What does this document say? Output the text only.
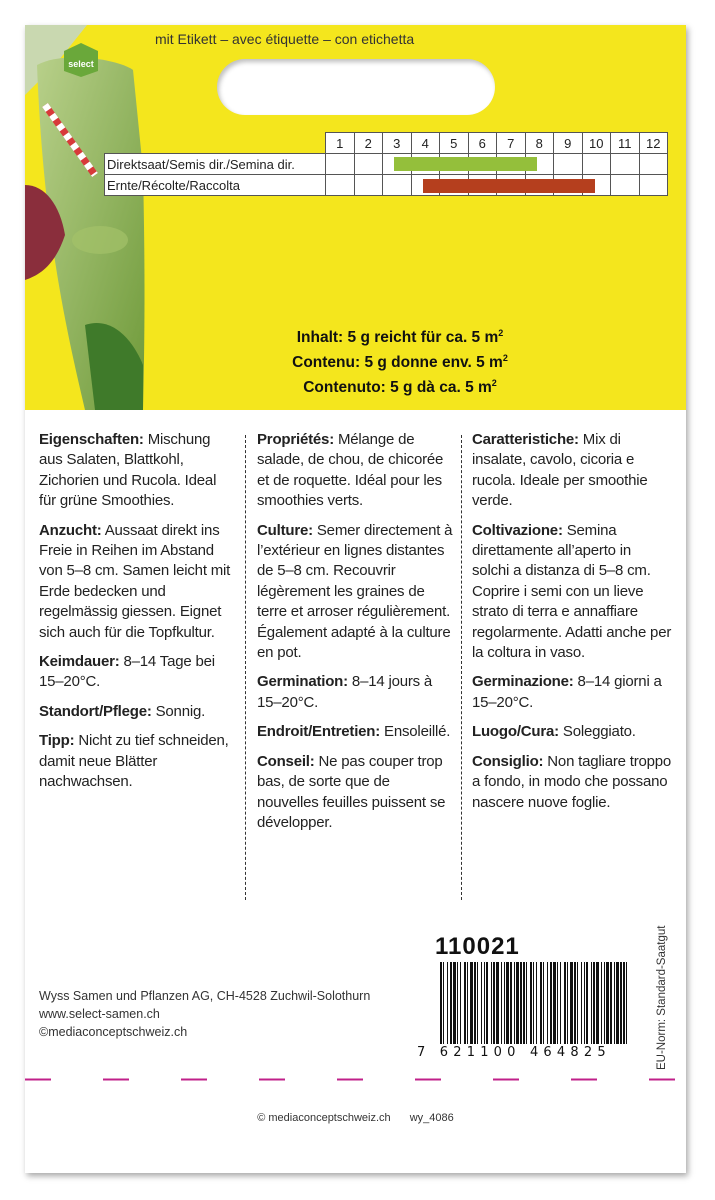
select
mit Etikett – avec étiquette – con etichetta
	1	2	3	4	5	6	7	8	9	10	11	12
Direktsaat/Semis dir./Semina dir.												
Ernte/Récolte/Raccolta												
Inhalt: 5 g reicht für ca. 5 $m^2$
Contenu: 5 g donne env. 5 $m^2$
Contenuto: 5 g dà ca. 5 $m^2$

Eigenschaften: Mischung aus Salaten, Blattkohl, Zichorien und Rucola. Ideal für grüne Smoothies.

Anzucht: Aussaat direkt ins Freie in Reihen im Abstand von 5–8 cm. Samen leicht mit Erde bedecken und regelmässig giessen. Eignet sich auch für die Topfkultur.

Keimdauer: 8–14 Tage bei 15–20°C.

Standort/Pflege: Sonnig.

Tipp: Nicht zu tief schneiden, damit neue Blätter nachwachsen.

Propriétés: Mélange de salade, de chou, de chicorée et de roquette. Idéal pour les smoothies verts.

Culture: Semer directement à l’extérieur en lignes distantes de 5–8 cm. Recouvrir légèrement les graines de terre et arroser régulièrement. Également adapté à la culture en pot.

Germination: 8–14 jours à 15–20°C.

Endroit/Entretien: Ensoleillé.

Conseil: Ne pas couper trop bas, de sorte que de nouvelles feuilles puissent se développer.

Caratteristiche: Mix di insalate, cavolo, cicoria e rucola. Ideale per smoothie verde.

Coltivazione: Semina direttamente all’aperto in solchi a distanza di 5–8 cm. Coprire i semi con un lieve strato di terra e annaffiare regolarmente. Adatti anche per la coltura in vaso.

Germinazione: 8–14 giorni a 15–20°C.

Luogo/Cura: Soleggiato.

Consiglio: Non tagliare troppo a fondo, in modo che possano nascere nuove foglie.

110021
7 621100 464825	EU-Norm: Standard-Saatgut
Wyss Samen und Pflanzen AG, CH-4528 Zuchwil-Solothurn
www.select-samen.ch
©mediaconceptschweiz.ch
© mediaconceptschweiz.ch wy_4086
